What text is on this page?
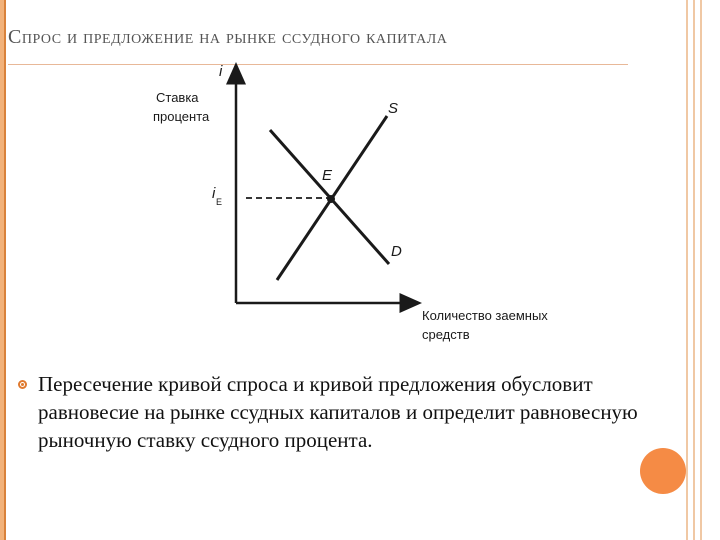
Спрос и предложение на рынке ссудного капитала
i
Ставка
процента
i E
S
D
E
Количество заемных
средств
Пересечение кривой спроса и кривой предложения обусловит равновесие на рынке ссудных капиталов и определит равновесную рыночную ставку ссудного процента.
